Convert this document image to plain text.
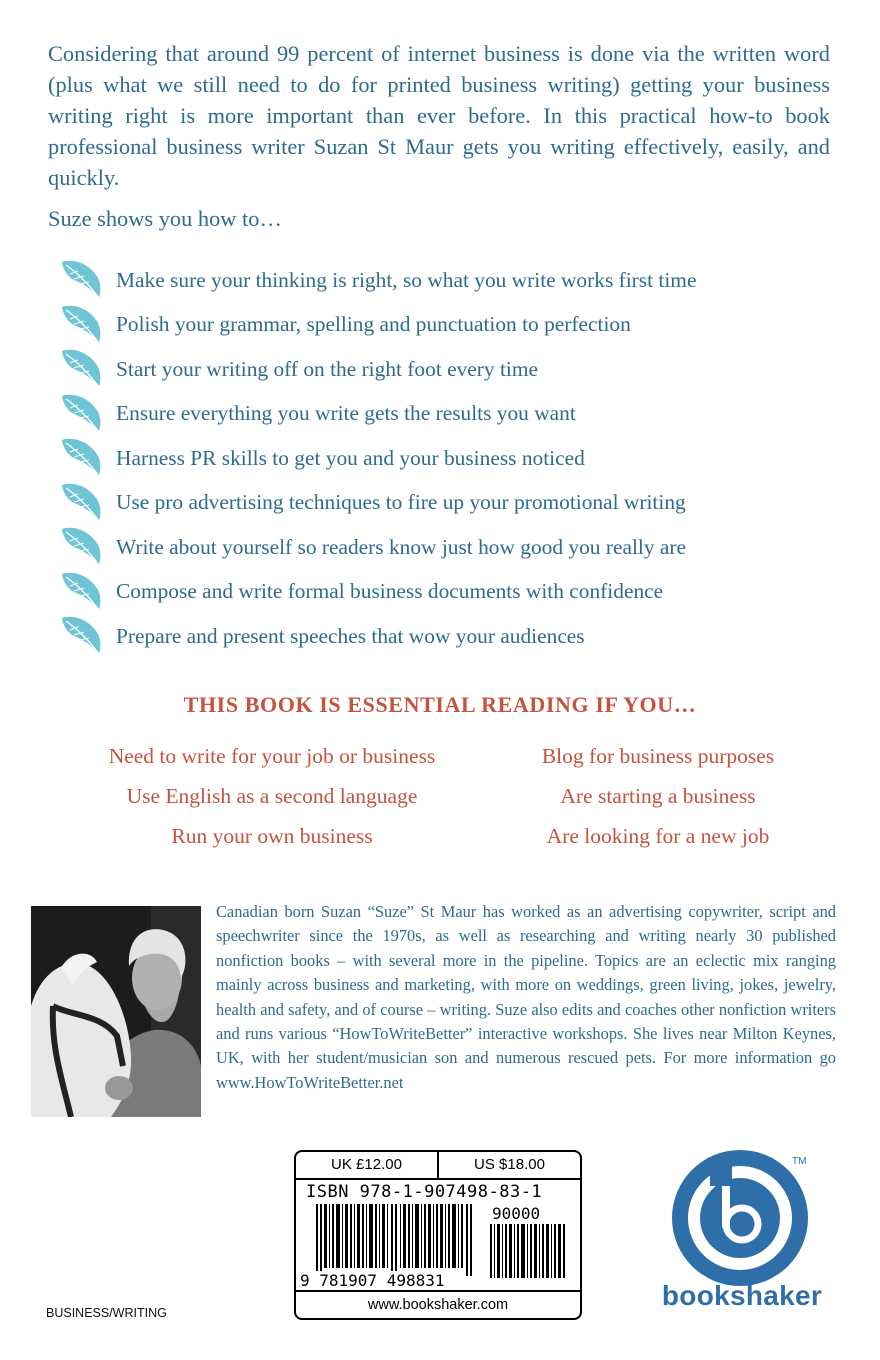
Considering that around 99 percent of internet business is done via the written word (plus what we still need to do for printed business writing) getting your business writing right is more important than ever before. In this practical how-to book professional business writer Suzan St Maur gets you writing effectively, easily, and quickly.

Suze shows you how to…

Make sure your thinking is right, so what you write works first time
Polish your grammar, spelling and punctuation to perfection
Start your writing off on the right foot every time
Ensure everything you write gets the results you want
Harness PR skills to get you and your business noticed
Use pro advertising techniques to fire up your promotional writing
Write about yourself so readers know just how good you really are
Compose and write formal business documents with confidence
Prepare and present speeches that wow your audiences
THIS BOOK IS ESSENTIAL READING IF YOU…
Need to write for your job or business
Use English as a second language
Run your own business
Blog for business purposes
Are starting a business
Are looking for a new job

Canadian born Suzan “Suze” St Maur has worked as an advertising copywriter, script and speechwriter since the 1970s, as well as researching and writing nearly 30 published nonfiction books – with several more in the pipeline. Topics are an eclectic mix ranging mainly across business and marketing, with more on weddings, green living, jokes, jewelry, health and safety, and of course – writing. Suze also edits and coaches other nonfiction writers and runs various “HowToWriteBetter” interactive workshops. She lives near Milton Keynes, UK, with her student/musician son and numerous rescued pets. For more information go www.HowToWriteBetter.net

UK £12.00	US $18.00
ISBN 978-1-907498-83-1
90000
9 781907 498831
www.bookshaker.com
BUSINESS/WRITING
TM
bookshaker
